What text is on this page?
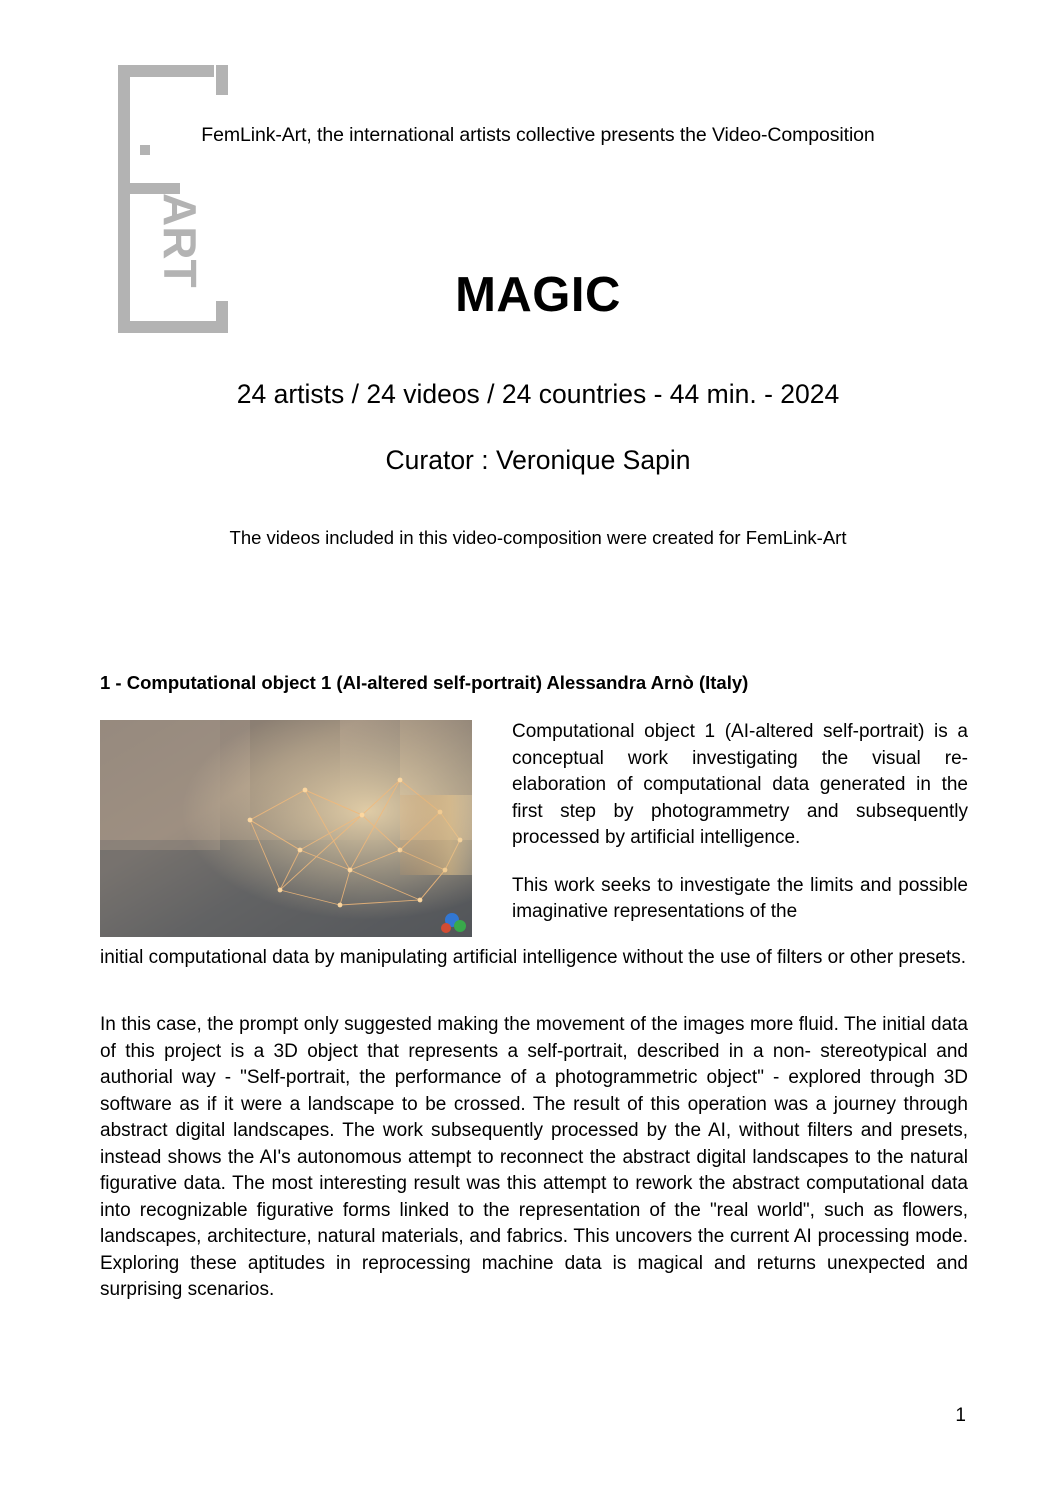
ART
FemLink-Art, the international artists collective presents the Video-Composition
MAGIC
24 artists / 24 videos / 24 countries - 44 min. - 2024
Curator : Veronique Sapin
The videos included in this video-composition were created for FemLink-Art
1 - Computational object 1 (AI-altered self-portrait) Alessandra Arnò (Italy)

Computational object 1 (AI-altered self-portrait) is a conceptual work investigating the visual re- elaboration of computational data generated in the first step by photogrammetry and subsequently processed by artificial intelligence.

This work seeks to investigate the limits and possible imaginative representations of the

initial computational data by manipulating artificial intelligence without the use of filters or other presets.

In this case, the prompt only suggested making the movement of the images more fluid. The initial data of this project is a 3D object that represents a self-portrait, described in a non- stereotypical and authorial way - "Self-portrait, the performance of a photogrammetric object" - explored through 3D software as if it were a landscape to be crossed. The result of this operation was a journey through abstract digital landscapes. The work subsequently processed by the AI, without filters and presets, instead shows the AI's autonomous attempt to reconnect the abstract digital landscapes to the natural figurative data. The most interesting result was this attempt to rework the abstract computational data into recognizable figurative forms linked to the representation of the "real world", such as flowers, landscapes, architecture, natural materials, and fabrics. This uncovers the current AI processing mode. Exploring these aptitudes in reprocessing machine data is magical and returns unexpected and surprising scenarios.

1
